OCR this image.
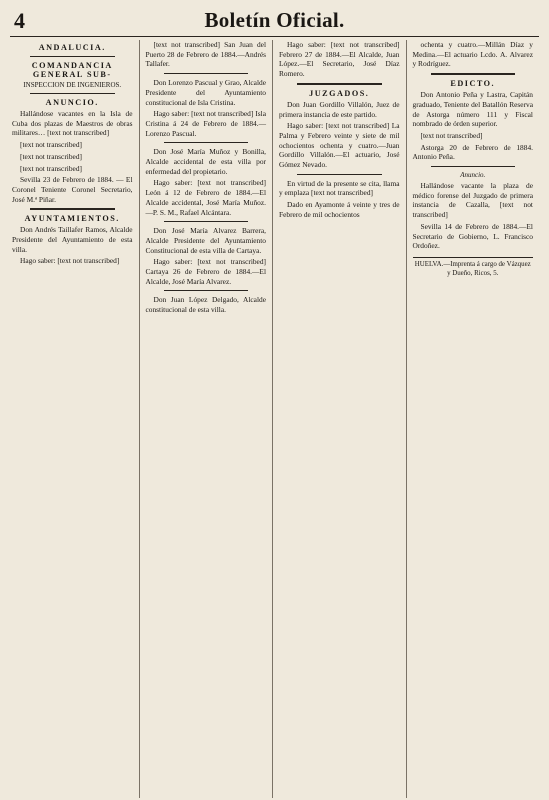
4	Boletín Oficial.
ANDALUCIA.
COMANDANCIA GENERAL SUB-
INSPECCION DE INGENIEROS.
ANUNCIO.

Hallándose vacantes en la Isla de Cuba dos plazas de Maestros de obras militares… [text not transcribed]

[text not transcribed]

[text not transcribed]

[text not transcribed]

Sevilla 23 de Febrero de 1884. — El Coronel Teniente Coronel Secretario, José M.ª Piñar.

AYUNTAMIENTOS.

Don Andrés Taillafer Ramos, Alcalde Presidente del Ayuntamiento de esta villa.

Hago saber: [text not transcribed]

[text not transcribed] San Juan del Puerto 28 de Febrero de 1884.—Andrés Tallafer.

Don Lorenzo Pascual y Grao, Alcalde Presidente del Ayuntamiento constitucional de Isla Cristina.

Hago saber: [text not transcribed] Isla Cristina á 24 de Febrero de 1884.—Lorenzo Pascual.

Don José María Muñoz y Bonilla, Alcalde accidental de esta villa por enfermedad del propietario.

Hago saber: [text not transcribed] León á 12 de Febrero de 1884.—El Alcalde accidental, José María Muñoz.—P. S. M., Rafael Alcántara.

Don José María Alvarez Barrera, Alcalde Presidente del Ayuntamiento Constitucional de esta villa de Cartaya.

Hago saber: [text not transcribed] Cartaya 26 de Febrero de 1884.—El Alcalde, José María Alvarez.

Don Juan López Delgado, Alcalde constitucional de esta villa.

Hago saber: [text not transcribed] Febrero 27 de 1884.—El Alcalde, Juan López.—El Secretario, José Díaz Romero.

JUZGADOS.

Don Juan Gordillo Villalón, Juez de primera instancia de este partido.

Hago saber: [text not transcribed] La Palma y Febrero veinte y siete de mil ochocientos ochenta y cuatro.—Juan Gordillo Villalón.—El actuario, José Gómez Nevado.

En virtud de la presente se cita, llama y emplaza [text not transcribed]

Dado en Ayamonte á veinte y tres de Febrero de mil ochocientos

ochenta y cuatro.—Millán Díaz y Medina.—El actuario Lcdo. A. Alvarez y Rodríguez.

EDICTO.

Don Antonio Peña y Lastra, Capitán graduado, Teniente del Batallón Reserva de Astorga número 111 y Fiscal nombrado de órden superior.

[text not transcribed]

Astorga 20 de Febrero de 1884. Antonio Peña.

Anuncio.

Hallándose vacante la plaza de médico forense del Juzgado de primera instancia de Cazalla, [text not transcribed]

Sevilla 14 de Febrero de 1884.—El Secretario de Gobierno, L. Francisco Ordoñez.

HUELVA.—Imprenta á cargo de Vázquez y Dueño, Ricos, 5.
